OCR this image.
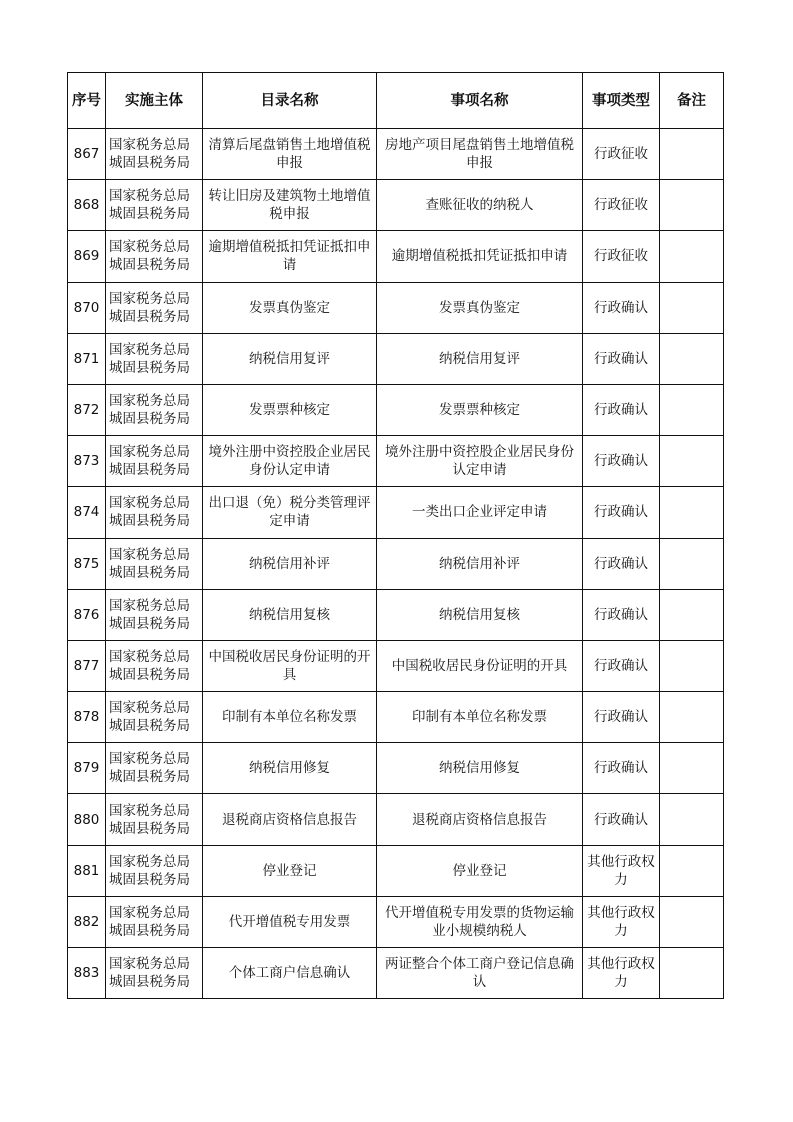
序号	实施主体	目录名称	事项名称	事项类型	备注
867	国家税务总局
城固县税务局	清算后尾盘销售土地增值税申报	房地产项目尾盘销售土地增值税申报	行政征收	
868	国家税务总局
城固县税务局	转让旧房及建筑物土地增值税申报	查账征收的纳税人	行政征收	
869	国家税务总局
城固县税务局	逾期增值税抵扣凭证抵扣申请	逾期增值税抵扣凭证抵扣申请	行政征收	
870	国家税务总局
城固县税务局	发票真伪鉴定	发票真伪鉴定	行政确认	
871	国家税务总局
城固县税务局	纳税信用复评	纳税信用复评	行政确认	
872	国家税务总局
城固县税务局	发票票种核定	发票票种核定	行政确认	
873	国家税务总局
城固县税务局	境外注册中资控股企业居民身份认定申请	境外注册中资控股企业居民身份认定申请	行政确认	
874	国家税务总局
城固县税务局	出口退（免）税分类管理评定申请	一类出口企业评定申请	行政确认	
875	国家税务总局
城固县税务局	纳税信用补评	纳税信用补评	行政确认	
876	国家税务总局
城固县税务局	纳税信用复核	纳税信用复核	行政确认	
877	国家税务总局
城固县税务局	中国税收居民身份证明的开具	中国税收居民身份证明的开具	行政确认	
878	国家税务总局
城固县税务局	印制有本单位名称发票	印制有本单位名称发票	行政确认	
879	国家税务总局
城固县税务局	纳税信用修复	纳税信用修复	行政确认	
880	国家税务总局
城固县税务局	退税商店资格信息报告	退税商店资格信息报告	行政确认	
881	国家税务总局
城固县税务局	停业登记	停业登记	其他行政权力	
882	国家税务总局
城固县税务局	代开增值税专用发票	代开增值税专用发票的货物运输业小规模纳税人	其他行政权力	
883	国家税务总局
城固县税务局	个体工商户信息确认	两证整合个体工商户登记信息确认	其他行政权力	
